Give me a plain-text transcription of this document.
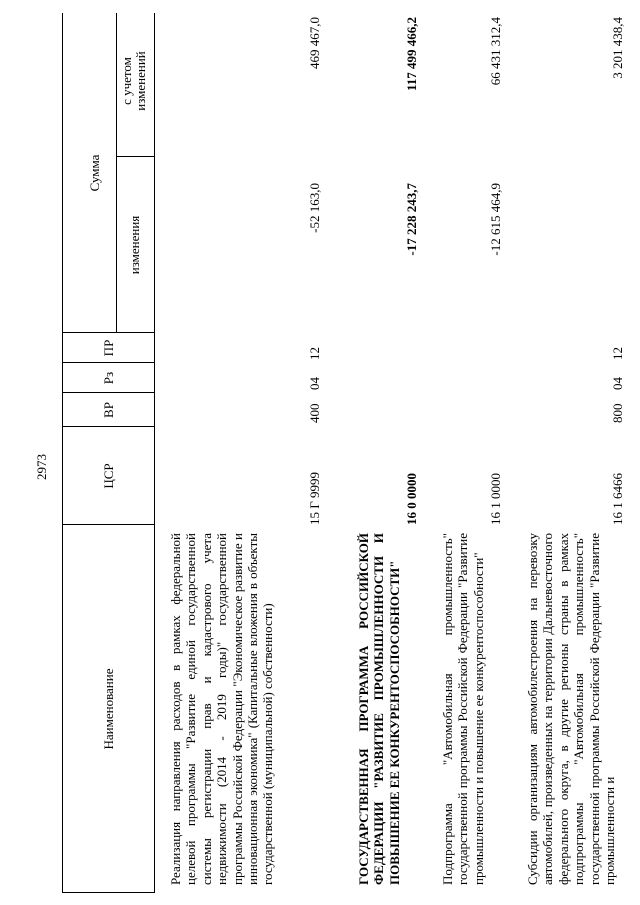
2973
Наименование
ЦСР
ВР
Рз
ПР
Сумма
изменения
с учетом изменений
Реализация направления расходов в рамках федеральной целевой программы "Развитие единой государственной системы регистрации прав и кадастрового учета недвижимости (2014 - 2019 годы)" государственной программы Российской Федерации "Экономическое развитие и инновационная экономика" (Капитальные вложения в объекты государственной (муниципальной) собственности)
15 Г 9999
400
04
12
-52 163,0
469 467,0
ГОСУДАРСТВЕННАЯ ПРОГРАММА РОССИЙСКОЙ ФЕДЕРАЦИИ "РАЗВИТИЕ ПРОМЫШЛЕННОСТИ И ПОВЫШЕНИЕ ЕЕ КОНКУРЕНТОСПОСОБНОСТИ"
16 0 0000
-17 228 243,7
117 499 466,2
Подпрограмма "Автомобильная промышленность" государственной программы Российской Федерации "Развитие промышленности и повышение ее конкурентоспособности"
16 1 0000
-12 615 464,9
66 431 312,4
Субсидии организациям автомобилестроения на перевозку автомобилей, произведенных на территории Дальневосточного федерального округа, в другие регионы страны в рамках подпрограммы "Автомобильная промышленность" государственной программы Российской Федерации "Развитие промышленности и
16 1 6466
800
04
12
3 201 438,4
